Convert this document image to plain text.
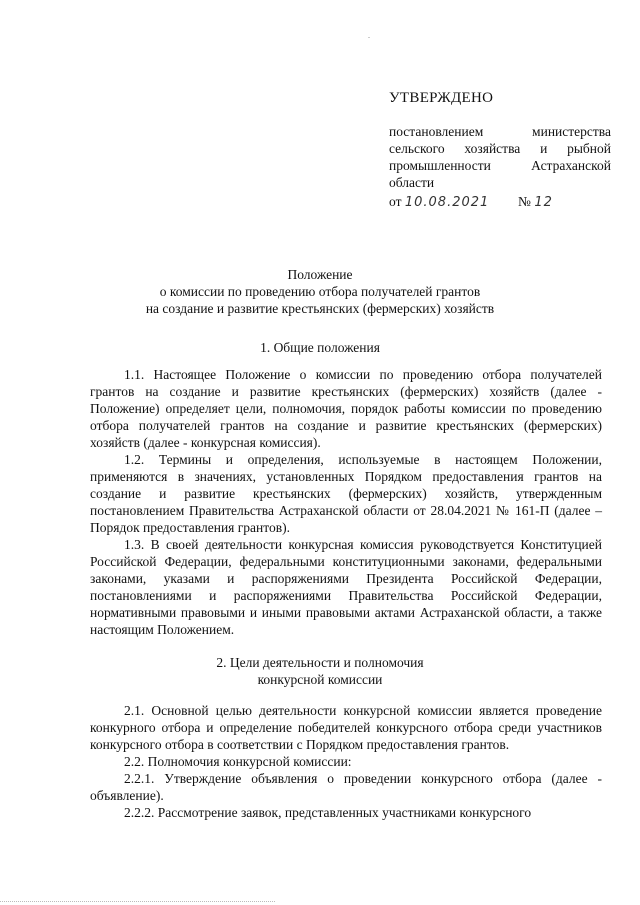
УТВЕРЖДЕНО
постановлением министерства
сельского хозяйства и рыбной
промышленности Астраханской
области
от 10.08.2021 № 12
Положение
о комиссии по проведению отбора получателей грантов
на создание и развитие крестьянских (фермерских) хозяйств
1. Общие положения

1.1. Настоящее Положение о комиссии по проведению отбора получателей грантов на создание и развитие крестьянских (фермерских) хозяйств (далее - Положение) определяет цели, полномочия, порядок работы комиссии по проведению отбора получателей грантов на создание и развитие крестьянских (фермерских) хозяйств (далее - конкурсная комиссия).

1.2. Термины и определения, используемые в настоящем Положении, применяются в значениях, установленных Порядком предоставления грантов на создание и развитие крестьянских (фермерских) хозяйств, утвержденным постановлением Правительства Астраханской области от 28.04.2021 № 161-П (далее – Порядок предоставления грантов).

1.3. В своей деятельности конкурсная комиссия руководствуется Конституцией Российской Федерации, федеральными конституционными законами, федеральными законами, указами и распоряжениями Президента Российской Федерации, постановлениями и распоряжениями Правительства Российской Федерации, нормативными правовыми и иными правовыми актами Астраханской области, а также настоящим Положением.

2. Цели деятельности и полномочия
конкурсной комиссии

2.1. Основной целью деятельности конкурсной комиссии является проведение конкурного отбора и определение победителей конкурсного отбора среди участников конкурсного отбора в соответствии с Порядком предоставления грантов.

2.2. Полномочия конкурсной комиссии:

2.2.1. Утверждение объявления о проведении конкурсного отбора (далее - объявление).

2.2.2. Рассмотрение заявок, представленных участниками конкурсного
